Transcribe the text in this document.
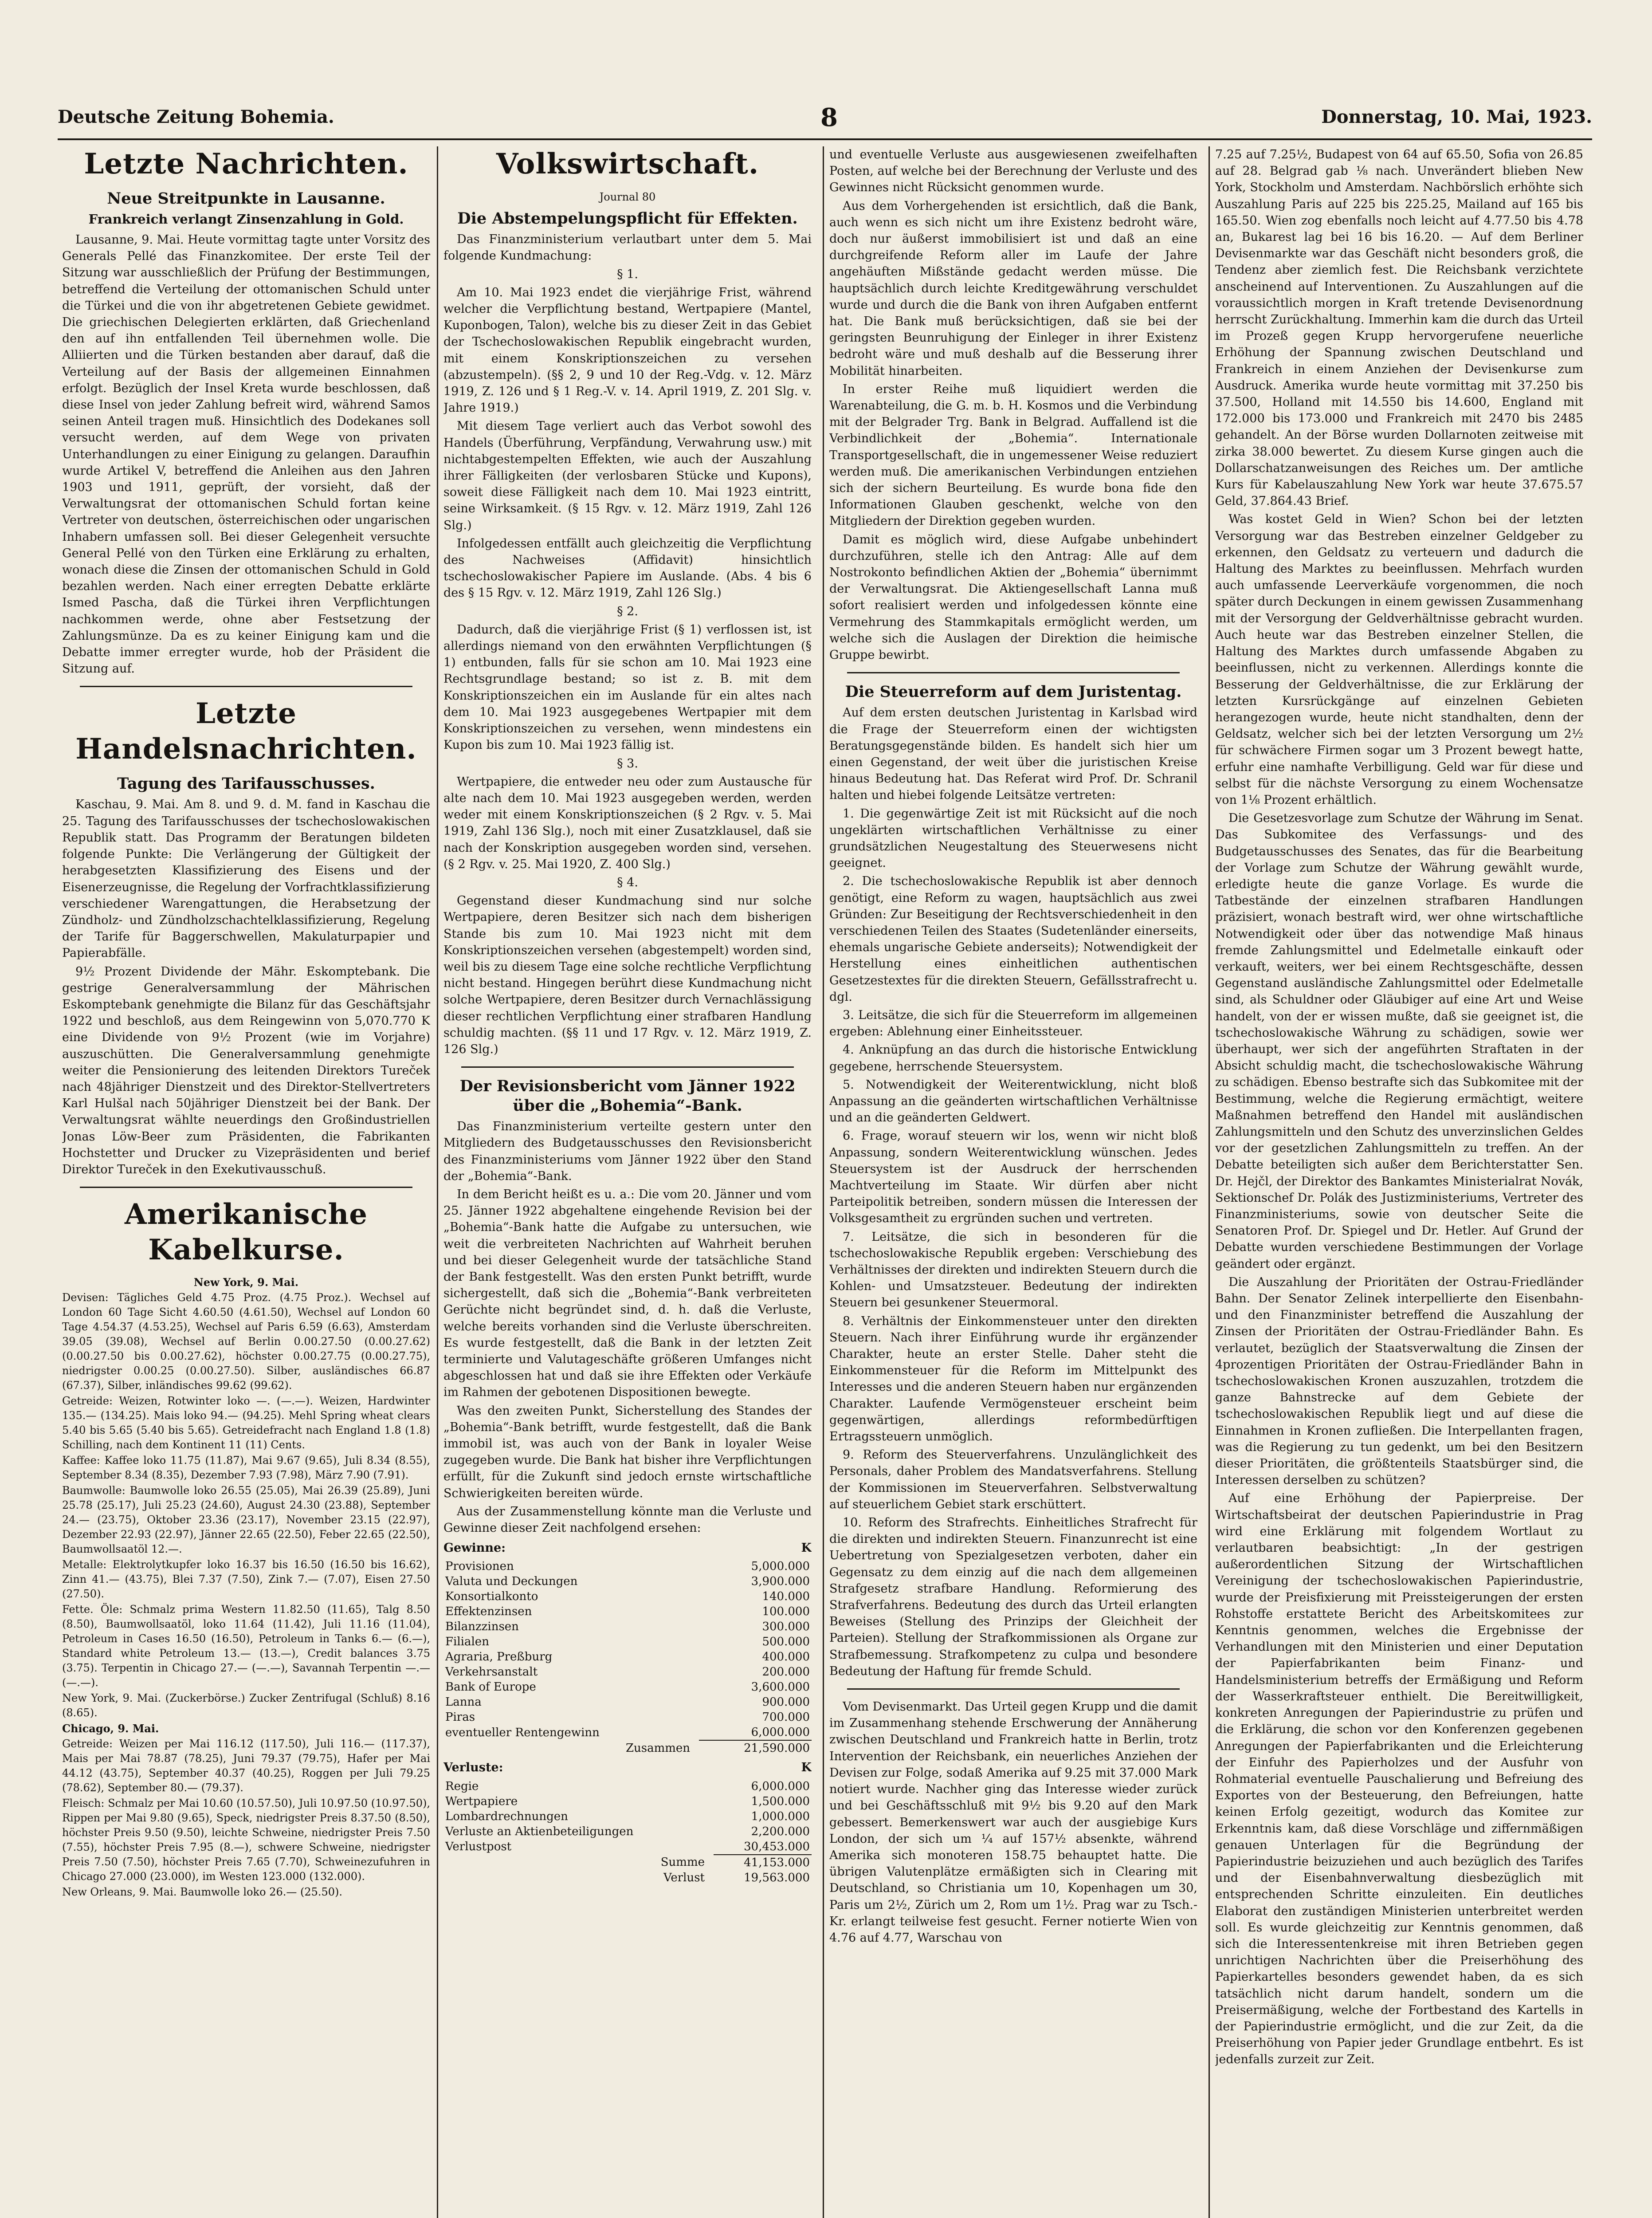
Deutsche Zeitung Bohemia.	8	Donnerstag, 10. Mai, 1923.
Letzte Nachrichten.
Neue Streitpunkte in Lausanne.
Frankreich verlangt Zinsenzahlung in Gold.

Lausanne, 9. Mai. Heute vormittag tagte unter Vorsitz des Generals Pellé das Finanzkomitee. Der erste Teil der Sitzung war ausschließlich der Prüfung der Bestimmungen, betreffend die Verteilung der ottomanischen Schuld unter die Türkei und die von ihr abgetretenen Gebiete gewidmet. Die griechischen Delegierten erklärten, daß Griechenland den auf ihn entfallenden Teil übernehmen wolle. Die Alliierten und die Türken bestanden aber darauf, daß die Verteilung auf der Basis der allgemeinen Einnahmen erfolgt. Bezüglich der Insel Kreta wurde beschlossen, daß diese Insel von jeder Zahlung befreit wird, während Samos seinen Anteil tragen muß. Hinsichtlich des Dodekanes soll versucht werden, auf dem Wege von privaten Unterhandlungen zu einer Einigung zu gelangen. Daraufhin wurde Artikel V, betreffend die Anleihen aus den Jahren 1903 und 1911, geprüft, der vorsieht, daß der Verwaltungsrat der ottomanischen Schuld fortan keine Vertreter von deutschen, österreichischen oder ungarischen Inhabern umfassen soll. Bei dieser Gelegenheit versuchte General Pellé von den Türken eine Erklärung zu erhalten, wonach diese die Zinsen der ottomanischen Schuld in Gold bezahlen werden. Nach einer erregten Debatte erklärte Ismed Pascha, daß die Türkei ihren Verpflichtungen nachkommen werde, ohne aber Festsetzung der Zahlungsmünze. Da es zu keiner Einigung kam und die Debatte immer erregter wurde, hob der Präsident die Sitzung auf.

Letzte Handelsnachrichten.
Tagung des Tarifausschusses.

Kaschau, 9. Mai. Am 8. und 9. d. M. fand in Kaschau die 25. Tagung des Tarifausschusses der tschechoslowakischen Republik statt. Das Programm der Beratungen bildeten folgende Punkte: Die Verlängerung der Gültigkeit der herabgesetzten Klassifizierung des Eisens und der Eisenerzeugnisse, die Regelung der Vorfrachtklassifizierung verschiedener Warengattungen, die Herabsetzung der Zündholz- und Zündholzschachtelklassifizierung, Regelung der Tarife für Baggerschwellen, Makulaturpapier und Papierabfälle.

9½ Prozent Dividende der Mähr. Eskomptebank. Die gestrige Generalversammlung der Mährischen Eskomptebank genehmigte die Bilanz für das Geschäftsjahr 1922 und beschloß, aus dem Reingewinn von 5,070.770 K eine Dividende von 9½ Prozent (wie im Vorjahre) auszuschütten. Die Generalversammlung genehmigte weiter die Pensionierung des leitenden Direktors Tureček nach 48jähriger Dienstzeit und des Direktor-Stellvertreters Karl Hulšal nach 50jähriger Dienstzeit bei der Bank. Der Verwaltungsrat wählte neuerdings den Großindustriellen Jonas Löw-Beer zum Präsidenten, die Fabrikanten Hochstetter und Drucker zu Vizepräsidenten und berief Direktor Tureček in den Exekutivausschuß.

Amerikanische Kabelkurse.

New York, 9. Mai.

Devisen: Tägliches Geld 4.75 Proz. (4.75 Proz.). Wechsel auf London 60 Tage Sicht 4.60.50 (4.61.50), Wechsel auf London 60 Tage 4.54.37 (4.53.25), Wechsel auf Paris 6.59 (6.63), Amsterdam 39.05 (39.08), Wechsel auf Berlin 0.00.27.50 (0.00.27.62) (0.00.27.50 bis 0.00.27.62), höchster 0.00.27.75 (0.00.27.75), niedrigster 0.00.25 (0.00.27.50). Silber, ausländisches 66.87 (67.37), Silber, inländisches 99.62 (99.62).

Getreide: Weizen, Rotwinter loko —. (—.—). Weizen, Hardwinter 135.— (134.25). Mais loko 94.— (94.25). Mehl Spring wheat clears 5.40 bis 5.65 (5.40 bis 5.65). Getreidefracht nach England 1.8 (1.8) Schilling, nach dem Kontinent 11 (11) Cents.

Kaffee: Kaffee loko 11.75 (11.87), Mai 9.67 (9.65), Juli 8.34 (8.55), September 8.34 (8.35), Dezember 7.93 (7.98), März 7.90 (7.91).

Baumwolle: Baumwolle loko 26.55 (25.05), Mai 26.39 (25.89), Juni 25.78 (25.17), Juli 25.23 (24.60), August 24.30 (23.88), September 24.— (23.75), Oktober 23.36 (23.17), November 23.15 (22.97), Dezember 22.93 (22.97), Jänner 22.65 (22.50), Feber 22.65 (22.50), Baumwollsaatöl 12.—.

Metalle: Elektrolytkupfer loko 16.37 bis 16.50 (16.50 bis 16.62), Zinn 41.— (43.75), Blei 7.37 (7.50), Zink 7.— (7.07), Eisen 27.50 (27.50).

Fette. Öle: Schmalz prima Western 11.82.50 (11.65), Talg 8.50 (8.50), Baumwollsaatöl, loko 11.64 (11.42), Juli 11.16 (11.04), Petroleum in Cases 16.50 (16.50), Petroleum in Tanks 6.— (6.—), Standard white Petroleum 13.— (13.—), Credit balances 3.75 (3.75). Terpentin in Chicago 27.— (—.—), Savannah Terpentin —.— (—.—).

New York, 9. Mai. (Zuckerbörse.) Zucker Zentrifugal (Schluß) 8.16 (8.65).

Chicago, 9. Mai.

Getreide: Weizen per Mai 116.12 (117.50), Juli 116.— (117.37), Mais per Mai 78.87 (78.25), Juni 79.37 (79.75), Hafer per Mai 44.12 (43.75), September 40.37 (40.25), Roggen per Juli 79.25 (78.62), September 80.— (79.37).

Fleisch: Schmalz per Mai 10.60 (10.57.50), Juli 10.97.50 (10.97.50), Rippen per Mai 9.80 (9.65), Speck, niedrigster Preis 8.37.50 (8.50), höchster Preis 9.50 (9.50), leichte Schweine, niedrigster Preis 7.50 (7.55), höchster Preis 7.95 (8.—), schwere Schweine, niedrigster Preis 7.50 (7.50), höchster Preis 7.65 (7.70), Schweinezufuhren in Chicago 27.000 (23.000), im Westen 123.000 (132.000).

New Orleans, 9. Mai. Baumwolle loko 26.— (25.50).

Volkswirtschaft.
Journal 80
Die Abstempelungspflicht für Effekten.

Das Finanzministerium verlautbart unter dem 5. Mai folgende Kundmachung:

§ 1.

Am 10. Mai 1923 endet die vierjährige Frist, während welcher die Verpflichtung bestand, Wertpapiere (Mantel, Kuponbogen, Talon), welche bis zu dieser Zeit in das Gebiet der Tschechoslowakischen Republik eingebracht wurden, mit einem Konskriptionszeichen zu versehen (abzustempeln). (§§ 2, 9 und 10 der Reg.-Vdg. v. 12. März 1919, Z. 126 und § 1 Reg.-V. v. 14. April 1919, Z. 201 Slg. v. Jahre 1919.)

Mit diesem Tage verliert auch das Verbot sowohl des Handels (Überführung, Verpfändung, Verwahrung usw.) mit nichtabgestempelten Effekten, wie auch der Auszahlung ihrer Fälligkeiten (der verlosbaren Stücke und Kupons), soweit diese Fälligkeit nach dem 10. Mai 1923 eintritt, seine Wirksamkeit. (§ 15 Rgv. v. 12. März 1919, Zahl 126 Slg.)

Infolgedessen entfällt auch gleichzeitig die Verpflichtung des Nachweises (Affidavit) hinsichtlich tschechoslowakischer Papiere im Auslande. (Abs. 4 bis 6 des § 15 Rgv. v. 12. März 1919, Zahl 126 Slg.)

§ 2.

Dadurch, daß die vierjährige Frist (§ 1) verflossen ist, ist allerdings niemand von den erwähnten Verpflichtungen (§ 1) entbunden, falls für sie schon am 10. Mai 1923 eine Rechtsgrundlage bestand; so ist z. B. mit dem Konskriptionszeichen ein im Auslande für ein altes nach dem 10. Mai 1923 ausgegebenes Wertpapier mit dem Konskriptionszeichen zu versehen, wenn mindestens ein Kupon bis zum 10. Mai 1923 fällig ist.

§ 3.

Wertpapiere, die entweder neu oder zum Austausche für alte nach dem 10. Mai 1923 ausgegeben werden, werden weder mit einem Konskriptionszeichen (§ 2 Rgv. v. 5. Mai 1919, Zahl 136 Slg.), noch mit einer Zusatzklausel, daß sie nach der Konskription ausgegeben worden sind, versehen. (§ 2 Rgv. v. 25. Mai 1920, Z. 400 Slg.)

§ 4.

Gegenstand dieser Kundmachung sind nur solche Wertpapiere, deren Besitzer sich nach dem bisherigen Stande bis zum 10. Mai 1923 nicht mit dem Konskriptionszeichen versehen (abgestempelt) worden sind, weil bis zu diesem Tage eine solche rechtliche Verpflichtung nicht bestand. Hingegen berührt diese Kundmachung nicht solche Wertpapiere, deren Besitzer durch Vernachlässigung dieser rechtlichen Verpflichtung einer strafbaren Handlung schuldig machten. (§§ 11 und 17 Rgv. v. 12. März 1919, Z. 126 Slg.)

Der Revisionsbericht vom Jänner 1922 über die „Bohemia“-Bank.

Das Finanzministerium verteilte gestern unter den Mitgliedern des Budgetausschusses den Revisionsbericht des Finanzministeriums vom Jänner 1922 über den Stand der „Bohemia“-Bank.

In dem Bericht heißt es u. a.: Die vom 20. Jänner und vom 25. Jänner 1922 abgehaltene eingehende Revision bei der „Bohemia“-Bank hatte die Aufgabe zu untersuchen, wie weit die verbreiteten Nachrichten auf Wahrheit beruhen und bei dieser Gelegenheit wurde der tatsächliche Stand der Bank festgestellt. Was den ersten Punkt betrifft, wurde sichergestellt, daß sich die „Bohemia“-Bank verbreiteten Gerüchte nicht begründet sind, d. h. daß die Verluste, welche bereits vorhanden sind die Verluste überschreiten. Es wurde festgestellt, daß die Bank in der letzten Zeit terminierte und Valutageschäfte größeren Umfanges nicht abgeschlossen hat und daß sie ihre Effekten oder Verkäufe im Rahmen der gebotenen Dispositionen bewegte.

Was den zweiten Punkt, Sicherstellung des Standes der „Bohemia“-Bank betrifft, wurde festgestellt, daß die Bank immobil ist, was auch von der Bank in loyaler Weise zugegeben wurde. Die Bank hat bisher ihre Verpflichtungen erfüllt, für die Zukunft sind jedoch ernste wirtschaftliche Schwierigkeiten bereiten würde.

Aus der Zusammenstellung könnte man die Verluste und Gewinne dieser Zeit nachfolgend ersehen:

Gewinne:	K

Provisionen	5,000.000
Valuta und Deckungen	3,900.000
Konsortialkonto	140.000
Effektenzinsen	100.000
Bilanzzinsen	300.000
Filialen	500.000
Agraria, Preßburg	400.000
Verkehrsanstalt	200.000
Bank of Europe	3,600.000
Lanna	900.000
Piras	700.000
eventueller Rentengewinn	6,000.000
Zusammen	21,590.000

Verluste:	K

Regie	6,000.000
Wertpapiere	1,500.000
Lombardrechnungen	1,000.000
Verluste an Aktienbeteiligungen	2,200.000
Verlustpost	30,453.000
Summe	41,153.000
Verlust	19,563.000

und eventuelle Verluste aus ausgewiesenen zweifelhaften Posten, auf welche bei der Berechnung der Verluste und des Gewinnes nicht Rücksicht genommen wurde.

Aus dem Vorhergehenden ist ersichtlich, daß die Bank, auch wenn es sich nicht um ihre Existenz bedroht wäre, doch nur äußerst immobilisiert ist und daß an eine durchgreifende Reform aller im Laufe der Jahre angehäuften Mißstände gedacht werden müsse. Die hauptsächlich durch leichte Kreditgewährung verschuldet wurde und durch die die Bank von ihren Aufgaben entfernt hat. Die Bank muß berücksichtigen, daß sie bei der geringsten Beunruhigung der Einleger in ihrer Existenz bedroht wäre und muß deshalb auf die Besserung ihrer Mobilität hinarbeiten.

In erster Reihe muß liquidiert werden die Warenabteilung, die G. m. b. H. Kosmos und die Verbindung mit der Belgrader Trg. Bank in Belgrad. Auffallend ist die Verbindlichkeit der „Bohemia“. Internationale Transportgesellschaft, die in ungemessener Weise reduziert werden muß. Die amerikanischen Verbindungen entziehen sich der sichern Beurteilung. Es wurde bona fide den Informationen Glauben geschenkt, welche von den Mitgliedern der Direktion gegeben wurden.

Damit es möglich wird, diese Aufgabe unbehindert durchzuführen, stelle ich den Antrag: Alle auf dem Nostrokonto befindlichen Aktien der „Bohemia“ übernimmt der Verwaltungsrat. Die Aktiengesellschaft Lanna muß sofort realisiert werden und infolgedessen könnte eine Vermehrung des Stammkapitals ermöglicht werden, um welche sich die Auslagen der Direktion die heimische Gruppe bewirbt.

Die Steuerreform auf dem Juristentag.

Auf dem ersten deutschen Juristentag in Karlsbad wird die Frage der Steuerreform einen der wichtigsten Beratungsgegenstände bilden. Es handelt sich hier um einen Gegenstand, der weit über die juristischen Kreise hinaus Bedeutung hat. Das Referat wird Prof. Dr. Schranil halten und hiebei folgende Leitsätze vertreten:

1. Die gegenwärtige Zeit ist mit Rücksicht auf die noch ungeklärten wirtschaftlichen Verhältnisse zu einer grundsätzlichen Neugestaltung des Steuerwesens nicht geeignet.

2. Die tschechoslowakische Republik ist aber dennoch genötigt, eine Reform zu wagen, hauptsächlich aus zwei Gründen: Zur Beseitigung der Rechtsverschiedenheit in den verschiedenen Teilen des Staates (Sudetenländer einerseits, ehemals ungarische Gebiete anderseits); Notwendigkeit der Herstellung eines einheitlichen authentischen Gesetzestextes für die direkten Steuern, Gefällsstrafrecht u. dgl.

3. Leitsätze, die sich für die Steuerreform im allgemeinen ergeben: Ablehnung einer Einheitssteuer.

4. Anknüpfung an das durch die historische Entwicklung gegebene, herrschende Steuersystem.

5. Notwendigkeit der Weiterentwicklung, nicht bloß Anpassung an die geänderten wirtschaftlichen Verhältnisse und an die geänderten Geldwert.

6. Frage, worauf steuern wir los, wenn wir nicht bloß Anpassung, sondern Weiterentwicklung wünschen. Jedes Steuersystem ist der Ausdruck der herrschenden Machtverteilung im Staate. Wir dürfen aber nicht Parteipolitik betreiben, sondern müssen die Interessen der Volksgesamtheit zu ergründen suchen und vertreten.

7. Leitsätze, die sich in besonderen für die tschechoslowakische Republik ergeben: Verschiebung des Verhältnisses der direkten und indirekten Steuern durch die Kohlen- und Umsatzsteuer. Bedeutung der indirekten Steuern bei gesunkener Steuermoral.

8. Verhältnis der Einkommensteuer unter den direkten Steuern. Nach ihrer Einführung wurde ihr ergänzender Charakter, heute an erster Stelle. Daher steht die Einkommensteuer für die Reform im Mittelpunkt des Interesses und die anderen Steuern haben nur ergänzenden Charakter. Laufende Vermögensteuer erscheint beim gegenwärtigen, allerdings reformbedürftigen Ertragssteuern unmöglich.

9. Reform des Steuerverfahrens. Unzulänglichkeit des Personals, daher Problem des Mandatsverfahrens. Stellung der Kommissionen im Steuerverfahren. Selbstverwaltung auf steuerlichem Gebiet stark erschüttert.

10. Reform des Strafrechts. Einheitliches Strafrecht für die direkten und indirekten Steuern. Finanzunrecht ist eine Uebertretung von Spezialgesetzen verboten, daher ein Gegensatz zu dem einzig auf die nach dem allgemeinen Strafgesetz strafbare Handlung. Reformierung des Strafverfahrens. Bedeutung des durch das Urteil erlangten Beweises (Stellung des Prinzips der Gleichheit der Parteien). Stellung der Strafkommissionen als Organe zur Strafbemessung. Strafkompetenz zu culpa und besondere Bedeutung der Haftung für fremde Schuld.

Vom Devisenmarkt. Das Urteil gegen Krupp und die damit im Zusammenhang stehende Erschwerung der Annäherung zwischen Deutschland und Frankreich hatte in Berlin, trotz Intervention der Reichsbank, ein neuerliches Anziehen der Devisen zur Folge, sodaß Amerika auf 9.25 mit 37.000 Mark notiert wurde. Nachher ging das Interesse wieder zurück und bei Geschäftsschluß mit 9½ bis 9.20 auf den Mark gebessert. Bemerkenswert war auch der ausgiebige Kurs London, der sich um ¼ auf 157½ absenkte, während Amerika sich monoteren 158.75 behauptet hatte. Die übrigen Valutenplätze ermäßigten sich in Clearing mit Deutschland, so Christiania um 10, Kopenhagen um 30, Paris um 2½, Zürich um 2, Rom um 1½. Prag war zu Tsch.-Kr. erlangt teilweise fest gesucht. Ferner notierte Wien von 4.76 auf 4.77, Warschau von

7.25 auf 7.25½, Budapest von 64 auf 65.50, Sofia von 26.85 auf 28. Belgrad gab ⅛ nach. Unverändert blieben New York, Stockholm und Amsterdam. Nachbörslich erhöhte sich Auszahlung Paris auf 225 bis 225.25, Mailand auf 165 bis 165.50. Wien zog ebenfalls noch leicht auf 4.77.50 bis 4.78 an, Bukarest lag bei 16 bis 16.20. — Auf dem Berliner Devisenmarkte war das Geschäft nicht besonders groß, die Tendenz aber ziemlich fest. Die Reichsbank verzichtete anscheinend auf Interventionen. Zu Auszahlungen auf die voraussichtlich morgen in Kraft tretende Devisenordnung herrscht Zurückhaltung. Immerhin kam die durch das Urteil im Prozeß gegen Krupp hervorgerufene neuerliche Erhöhung der Spannung zwischen Deutschland und Frankreich in einem Anziehen der Devisenkurse zum Ausdruck. Amerika wurde heute vormittag mit 37.250 bis 37.500, Holland mit 14.550 bis 14.600, England mit 172.000 bis 173.000 und Frankreich mit 2470 bis 2485 gehandelt. An der Börse wurden Dollarnoten zeitweise mit zirka 38.000 bewertet. Zu diesem Kurse gingen auch die Dollarschatzanweisungen des Reiches um. Der amtliche Kurs für Kabelauszahlung New York war heute 37.675.57 Geld, 37.864.43 Brief.

Was kostet Geld in Wien? Schon bei der letzten Versorgung war das Bestreben einzelner Geldgeber zu erkennen, den Geldsatz zu verteuern und dadurch die Haltung des Marktes zu beeinflussen. Mehrfach wurden auch umfassende Leerverkäufe vorgenommen, die noch später durch Deckungen in einem gewissen Zusammenhang mit der Versorgung der Geldverhältnisse gebracht wurden. Auch heute war das Bestreben einzelner Stellen, die Haltung des Marktes durch umfassende Abgaben zu beeinflussen, nicht zu verkennen. Allerdings konnte die Besserung der Geldverhältnisse, die zur Erklärung der letzten Kursrückgänge auf einzelnen Gebieten herangezogen wurde, heute nicht standhalten, denn der Geldsatz, welcher sich bei der letzten Versorgung um 2½ für schwächere Firmen sogar um 3 Prozent bewegt hatte, erfuhr eine namhafte Verbilligung. Geld war für diese und selbst für die nächste Versorgung zu einem Wochensatze von 1⅛ Prozent erhältlich.

Die Gesetzesvorlage zum Schutze der Währung im Senat. Das Subkomitee des Verfassungs- und des Budgetausschusses des Senates, das für die Bearbeitung der Vorlage zum Schutze der Währung gewählt wurde, erledigte heute die ganze Vorlage. Es wurde die Tatbestände der einzelnen strafbaren Handlungen präzisiert, wonach bestraft wird, wer ohne wirtschaftliche Notwendigkeit oder über das notwendige Maß hinaus fremde Zahlungsmittel und Edelmetalle einkauft oder verkauft, weiters, wer bei einem Rechtsgeschäfte, dessen Gegenstand ausländische Zahlungsmittel oder Edelmetalle sind, als Schuldner oder Gläubiger auf eine Art und Weise handelt, von der er wissen mußte, daß sie geeignet ist, die tschechoslowakische Währung zu schädigen, sowie wer überhaupt, wer sich der angeführten Straftaten in der Absicht schuldig macht, die tschechoslowakische Währung zu schädigen. Ebenso bestrafte sich das Subkomitee mit der Bestimmung, welche die Regierung ermächtigt, weitere Maßnahmen betreffend den Handel mit ausländischen Zahlungsmitteln und den Schutz des unverzinslichen Geldes vor der gesetzlichen Zahlungsmitteln zu treffen. An der Debatte beteiligten sich außer dem Berichterstatter Sen. Dr. Hejčl, der Direktor des Bankamtes Ministerialrat Novák, Sektionschef Dr. Polák des Justizministeriums, Vertreter des Finanzministeriums, sowie von deutscher Seite die Senatoren Prof. Dr. Spiegel und Dr. Hetler. Auf Grund der Debatte wurden verschiedene Bestimmungen der Vorlage geändert oder ergänzt.

Die Auszahlung der Prioritäten der Ostrau-Friedländer Bahn. Der Senator Zelinek interpellierte den Eisenbahn- und den Finanzminister betreffend die Auszahlung der Zinsen der Prioritäten der Ostrau-Friedländer Bahn. Es verlautet, bezüglich der Staatsverwaltung die Zinsen der 4prozentigen Prioritäten der Ostrau-Friedländer Bahn in tschechoslowakischen Kronen auszuzahlen, trotzdem die ganze Bahnstrecke auf dem Gebiete der tschechoslowakischen Republik liegt und auf diese die Einnahmen in Kronen zufließen. Die Interpellanten fragen, was die Regierung zu tun gedenkt, um bei den Besitzern dieser Prioritäten, die größtenteils Staatsbürger sind, die Interessen derselben zu schützen?

Auf eine Erhöhung der Papierpreise. Der Wirtschaftsbeirat der deutschen Papierindustrie in Prag wird eine Erklärung mit folgendem Wortlaut zu verlautbaren beabsichtigt: „In der gestrigen außerordentlichen Sitzung der Wirtschaftlichen Vereinigung der tschechoslowakischen Papierindustrie, wurde der Preisfixierung mit Preissteigerungen der ersten Rohstoffe erstattete Bericht des Arbeitskomitees zur Kenntnis genommen, welches die Ergebnisse der Verhandlungen mit den Ministerien und einer Deputation der Papierfabrikanten beim Finanz- und Handelsministerium betreffs der Ermäßigung und Reform der Wasserkraftsteuer enthielt. Die Bereitwilligkeit, konkreten Anregungen der Papierindustrie zu prüfen und die Erklärung, die schon vor den Konferenzen gegebenen Anregungen der Papierfabrikanten und die Erleichterung der Einfuhr des Papierholzes und der Ausfuhr von Rohmaterial eventuelle Pauschalierung und Befreiung des Exportes von der Besteuerung, den Befreiungen, hatte keinen Erfolg gezeitigt, wodurch das Komitee zur Erkenntnis kam, daß diese Vorschläge und ziffernmäßigen genauen Unterlagen für die Begründung der Papierindustrie beizuziehen und auch bezüglich des Tarifes und der Eisenbahnverwaltung diesbezüglich mit entsprechenden Schritte einzuleiten. Ein deutliches Elaborat den zuständigen Ministerien unterbreitet werden soll. Es wurde gleichzeitig zur Kenntnis genommen, daß sich die Interessentenkreise mit ihren Betrieben gegen unrichtigen Nachrichten über die Preiserhöhung des Papierkartelles besonders gewendet haben, da es sich tatsächlich nicht darum handelt, sondern um die Preisermäßigung, welche der Fortbestand des Kartells in der Papierindustrie ermöglicht, und die zur Zeit, da die Preiserhöhung von Papier jeder Grundlage entbehrt. Es ist jedenfalls zurzeit zur Zeit.
